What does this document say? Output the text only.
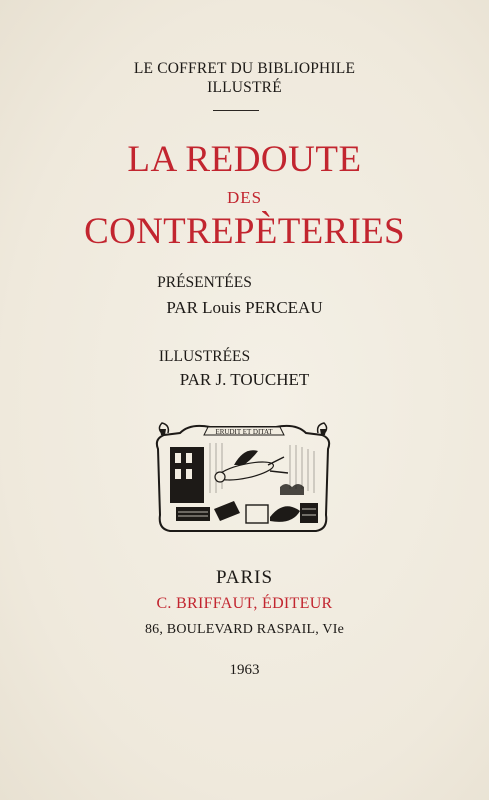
LE COFFRET DU BIBLIOPHILE
ILLUSTRÉ
LA REDOUTE
DES
CONTREPÈTERIES
PRÉSENTÉES
PAR Louis PERCEAU
ILLUSTRÉES
PAR J. TOUCHET
ERUDIT ET DITAT
PARIS
C. BRIFFAUT, ÉDITEUR
86, BOULEVARD RASPAIL, VIe
1963
